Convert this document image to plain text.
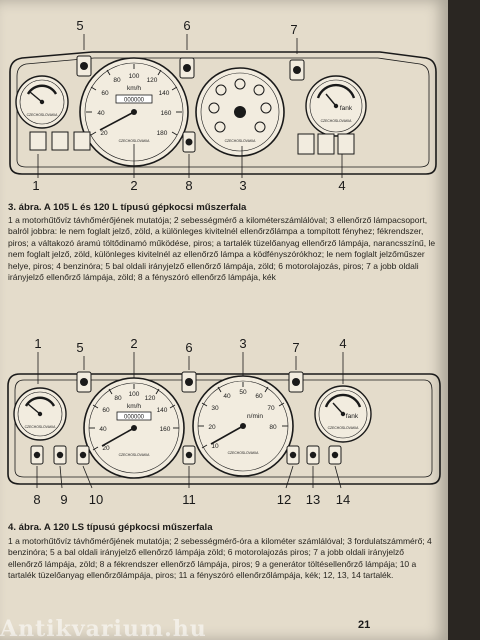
5	6	7
CZECHOSLOVAKIA
20
40
60
80
100
120
140
160
180
km/h
000000
CZECHOSLOVAKIA	CZECHOSLOVAKIA
fank
CZECHOSLOVAKIA
1	2	8	3	4

3. ábra. A 105 L és 120 L típusú gépkocsi műszerfala

1 a motorhűtővíz távhőmérőjének mutatója; 2 sebességmérő a kilométerszámlálóval; 3 ellenőrző lámpacsoport, balról jobbra: le nem foglalt jelző, zöld, a különleges kivitelnél ellenőrzőlámpa a tompított fényhez; fékrendszer, piros; a váltakozó áramú töltődinamó működése, piros; a tartalék tüzelőanyag ellenőrző lámpája, narancsszínű, le nem foglalt jelző, zöld, különleges kivitelnél az ellenőrző lámpa a ködfényszórókhoz; le nem foglalt jelzőműszer helye, piros; 4 benzinóra; 5 bal oldali irányjelző ellenőrző lámpája, zöld; 6 motorolajozás, piros; 7 a jobb oldali irányjelző ellenőrző lámpája, zöld; 8 a fényszóró ellenőrző lámpája, kék

1	5	2	6	3	7	4
CZECHOSLOVAKIA
20
40
60
80
100
120
140
160
km/h
000000
CZECHOSLOVAKIA
10
20
30
40
50
60
70
80
n/min
CZECHOSLOVAKIA
fank
CZECHOSLOVAKIA
8 9 10	11	12 13 14

4. ábra. A 120 LS típusú gépkocsi műszerfala

1 a motorhűtővíz távhőmérőjének mutatója; 2 sebességmérő-óra a kilométer számlálóval; 3 fordulatszámmérő; 4 benzinóra; 5 a bal oldali irányjelző ellenőrző lámpája zöld; 6 motorolajozás piros; 7 a jobb oldali irányjelző ellenőrző lámpája, zöld; 8 a fékrendszer ellenőrző lámpája, piros; 9 a generátor töltésellenőrző lámpája; 10 a tartalék tüzelőanyag ellenőrzőlámpája, piros; 11 a fényszóró ellenőrzőlámpája, kék; 12, 13, 14 tartalék.

21
Antikvarium.hu
